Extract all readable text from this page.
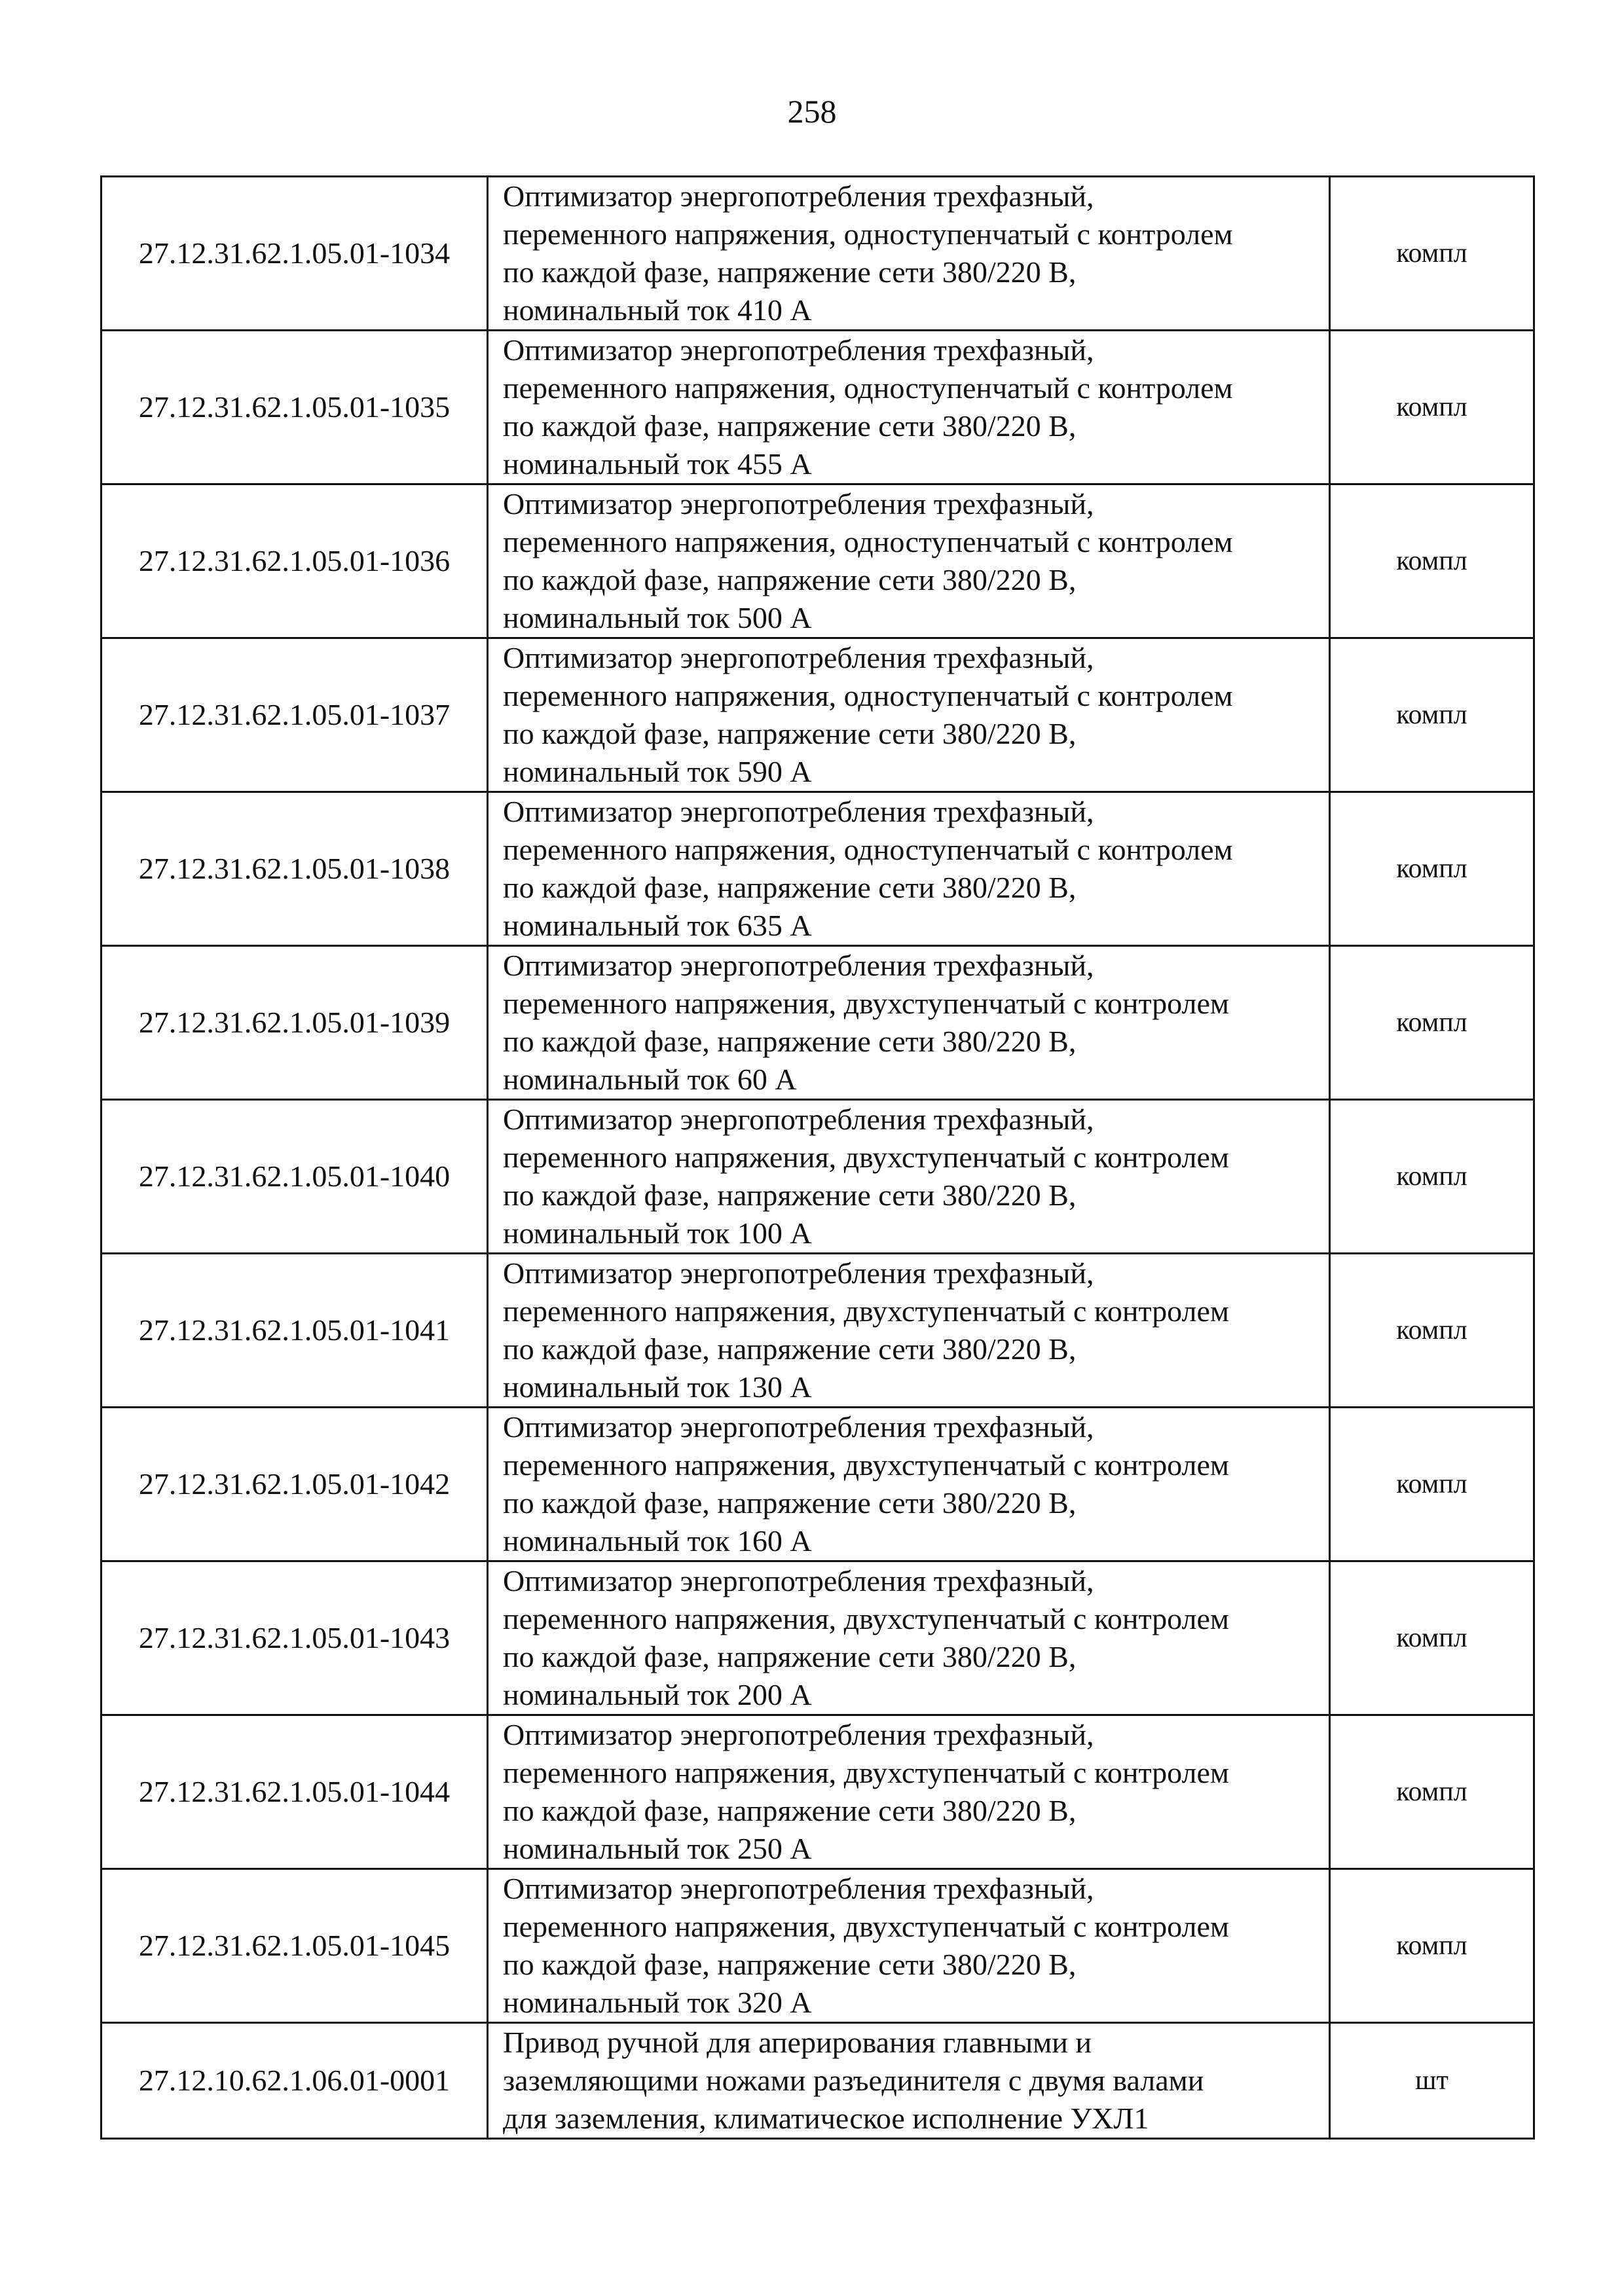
258
27.12.31.62.1.05.01-1034	Оптимизатор энергопотребления трехфазный,
переменного напряжения, одноступенчатый с контролем
по каждой фазе, напряжение сети 380/220 В,
номинальный ток 410 А	компл
27.12.31.62.1.05.01-1035	Оптимизатор энергопотребления трехфазный,
переменного напряжения, одноступенчатый с контролем
по каждой фазе, напряжение сети 380/220 В,
номинальный ток 455 А	компл
27.12.31.62.1.05.01-1036	Оптимизатор энергопотребления трехфазный,
переменного напряжения, одноступенчатый с контролем
по каждой фазе, напряжение сети 380/220 В,
номинальный ток 500 А	компл
27.12.31.62.1.05.01-1037	Оптимизатор энергопотребления трехфазный,
переменного напряжения, одноступенчатый с контролем
по каждой фазе, напряжение сети 380/220 В,
номинальный ток 590 А	компл
27.12.31.62.1.05.01-1038	Оптимизатор энергопотребления трехфазный,
переменного напряжения, одноступенчатый с контролем
по каждой фазе, напряжение сети 380/220 В,
номинальный ток 635 А	компл
27.12.31.62.1.05.01-1039	Оптимизатор энергопотребления трехфазный,
переменного напряжения, двухступенчатый с контролем
по каждой фазе, напряжение сети 380/220 В,
номинальный ток 60 А	компл
27.12.31.62.1.05.01-1040	Оптимизатор энергопотребления трехфазный,
переменного напряжения, двухступенчатый с контролем
по каждой фазе, напряжение сети 380/220 В,
номинальный ток 100 А	компл
27.12.31.62.1.05.01-1041	Оптимизатор энергопотребления трехфазный,
переменного напряжения, двухступенчатый с контролем
по каждой фазе, напряжение сети 380/220 В,
номинальный ток 130 А	компл
27.12.31.62.1.05.01-1042	Оптимизатор энергопотребления трехфазный,
переменного напряжения, двухступенчатый с контролем
по каждой фазе, напряжение сети 380/220 В,
номинальный ток 160 А	компл
27.12.31.62.1.05.01-1043	Оптимизатор энергопотребления трехфазный,
переменного напряжения, двухступенчатый с контролем
по каждой фазе, напряжение сети 380/220 В,
номинальный ток 200 А	компл
27.12.31.62.1.05.01-1044	Оптимизатор энергопотребления трехфазный,
переменного напряжения, двухступенчатый с контролем
по каждой фазе, напряжение сети 380/220 В,
номинальный ток 250 А	компл
27.12.31.62.1.05.01-1045	Оптимизатор энергопотребления трехфазный,
переменного напряжения, двухступенчатый с контролем
по каждой фазе, напряжение сети 380/220 В,
номинальный ток 320 А	компл
27.12.10.62.1.06.01-0001	Привод ручной для аперирования главными и
заземляющими ножами разъединителя с двумя валами
для заземления, климатическое исполнение УХЛ1	шт
